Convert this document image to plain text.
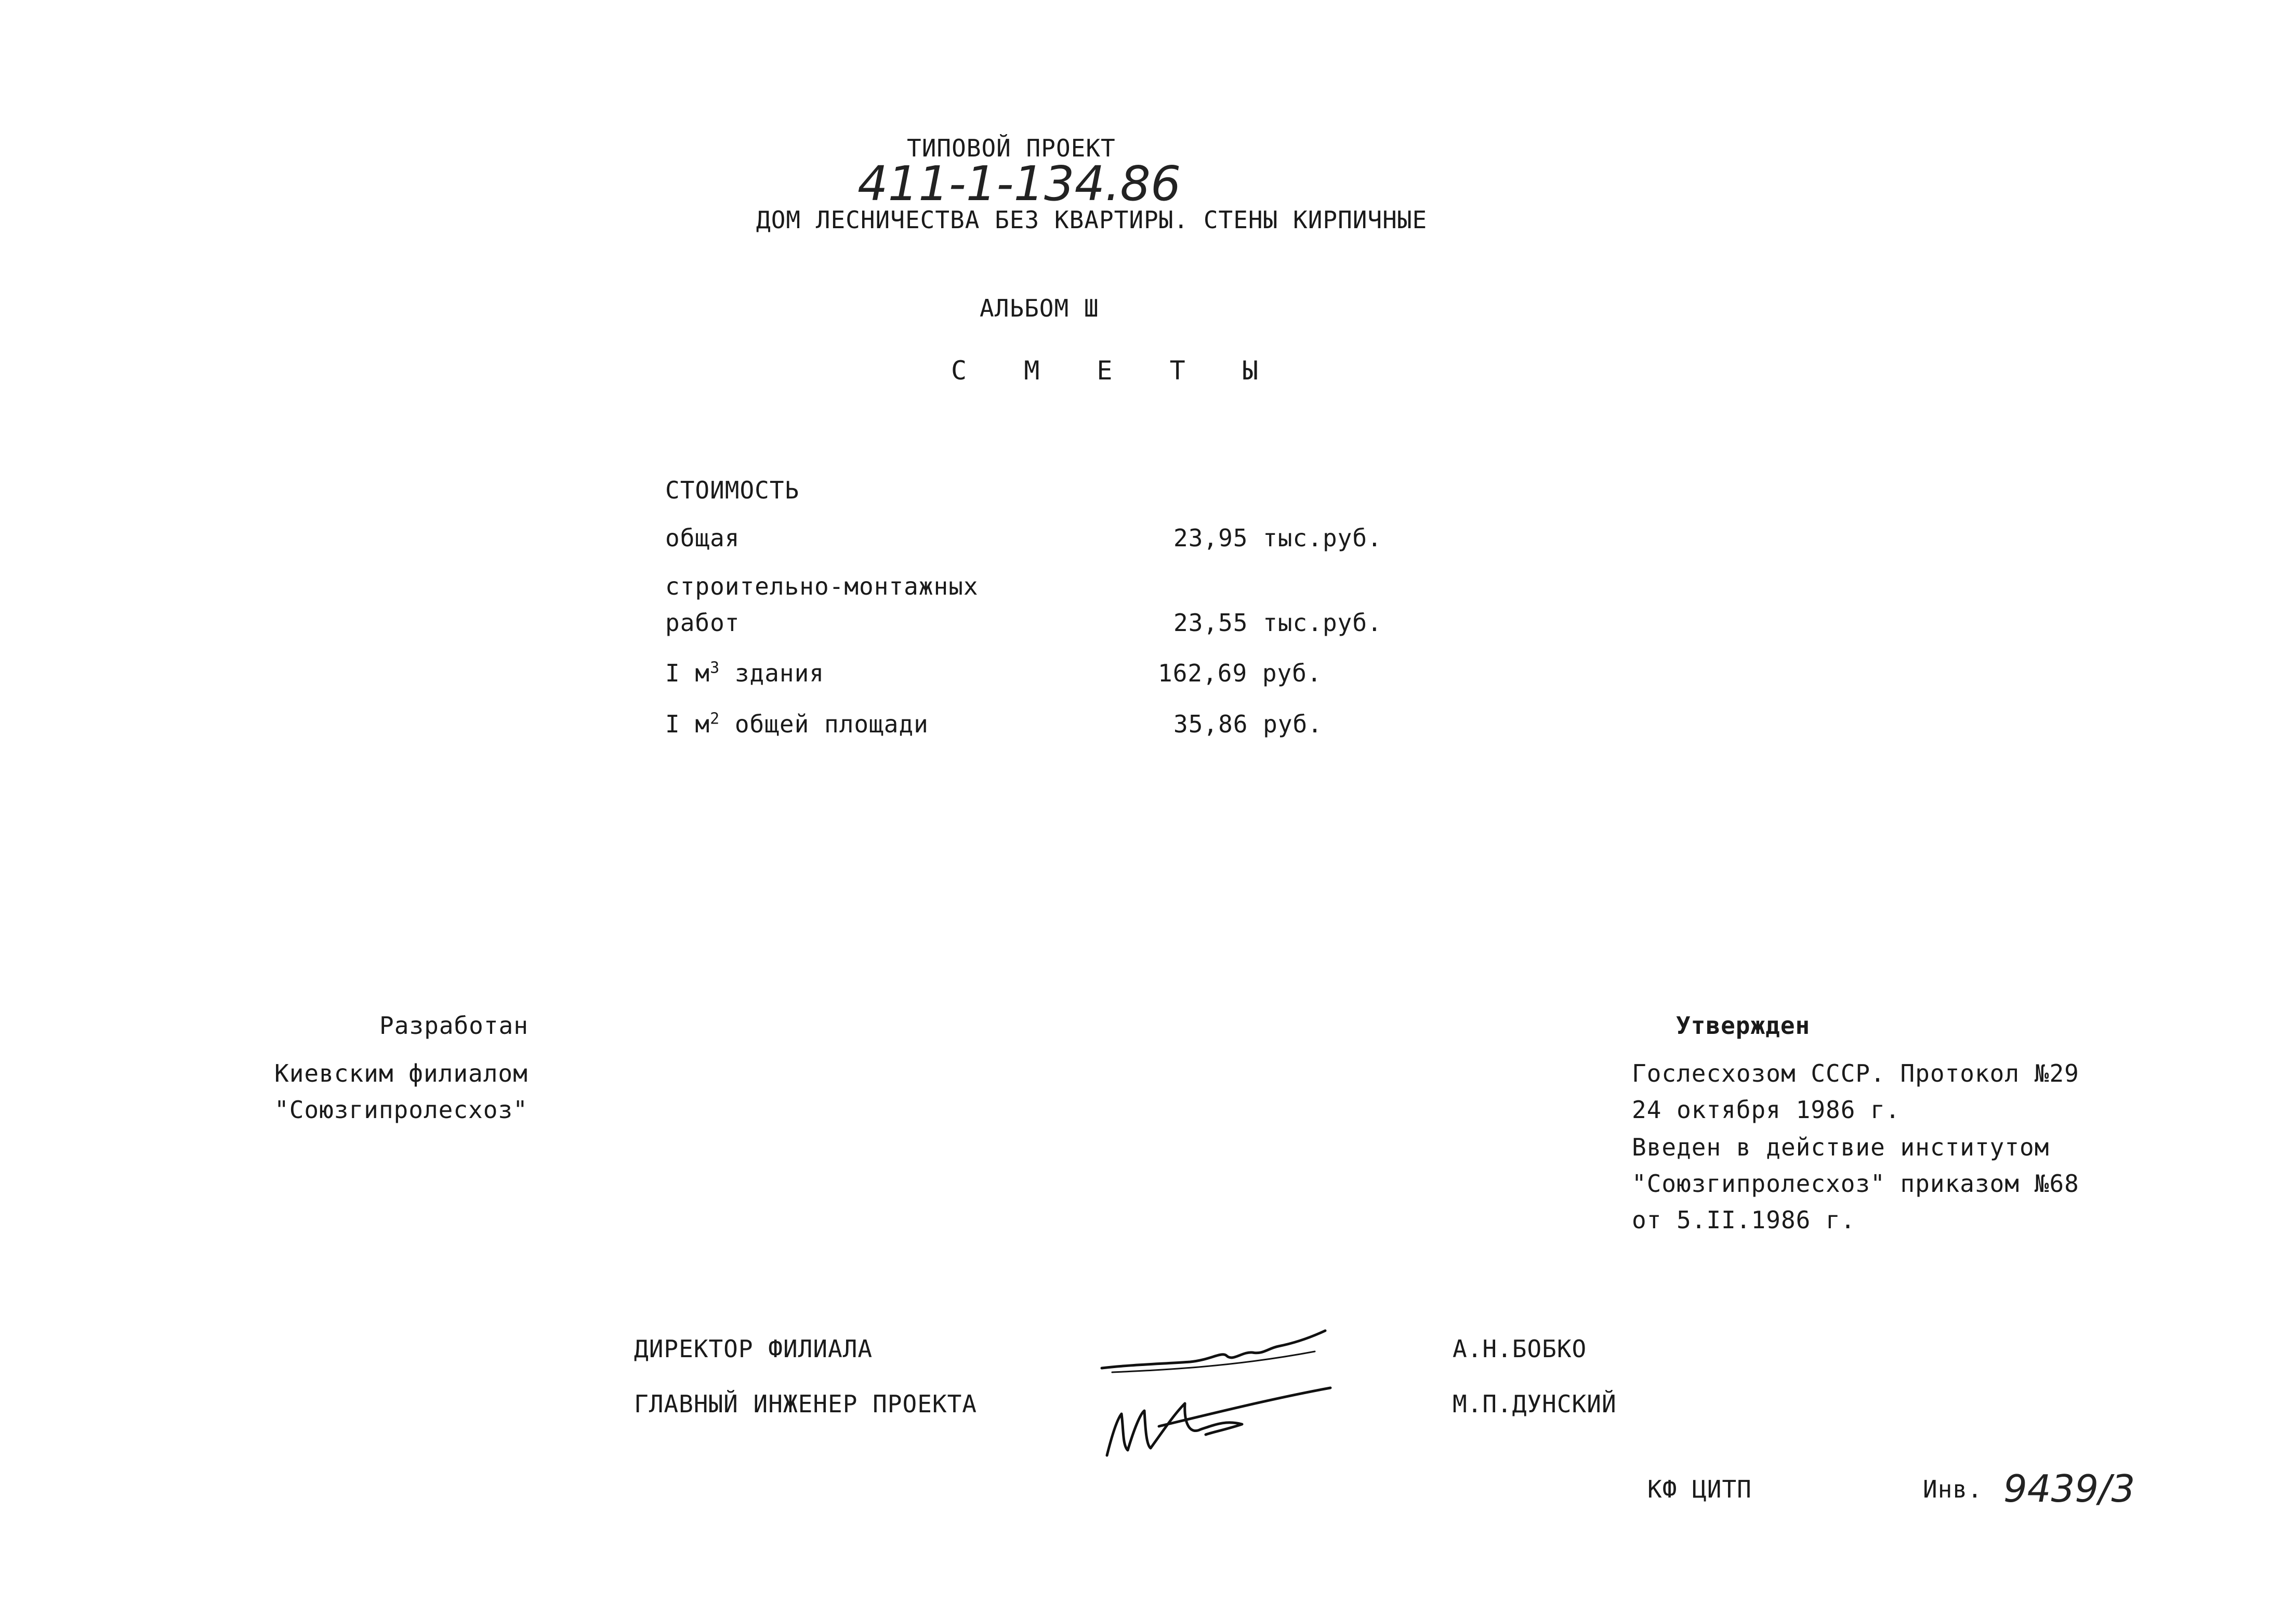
ТИПОВОЙ ПРОЕКТ
411-1-134.86
ДОМ ЛЕСНИЧЕСТВА БЕЗ КВАРТИРЫ. СТЕНЫ КИРПИЧНЫЕ
АЛЬБОМ Ш
С М Е Т Ы
СТОИМОСТЬ
общая	23,95 тыс.руб.
строительно-монтажных
работ	23,55 тыс.руб.
I $м^3$ здания	162,69 руб.
I $м^2$ общей площади	35,86 руб.
Разработан
Киевским филиалом
"Союзгипролесхоз"
Утвержден
Гослесхозом СССР. Протокол №29
24 октября 1986 г.
Введен в действие институтом
"Союзгипролесхоз" приказом №68
от 5.II.1986 г.
ДИРЕКТОР ФИЛИАЛА
ГЛАВНЫЙ ИНЖЕНЕР ПРОЕКТА
А.Н.БОБКО
М.П.ДУНСКИЙ
КФ ЦИТП	Инв. 9439/3
